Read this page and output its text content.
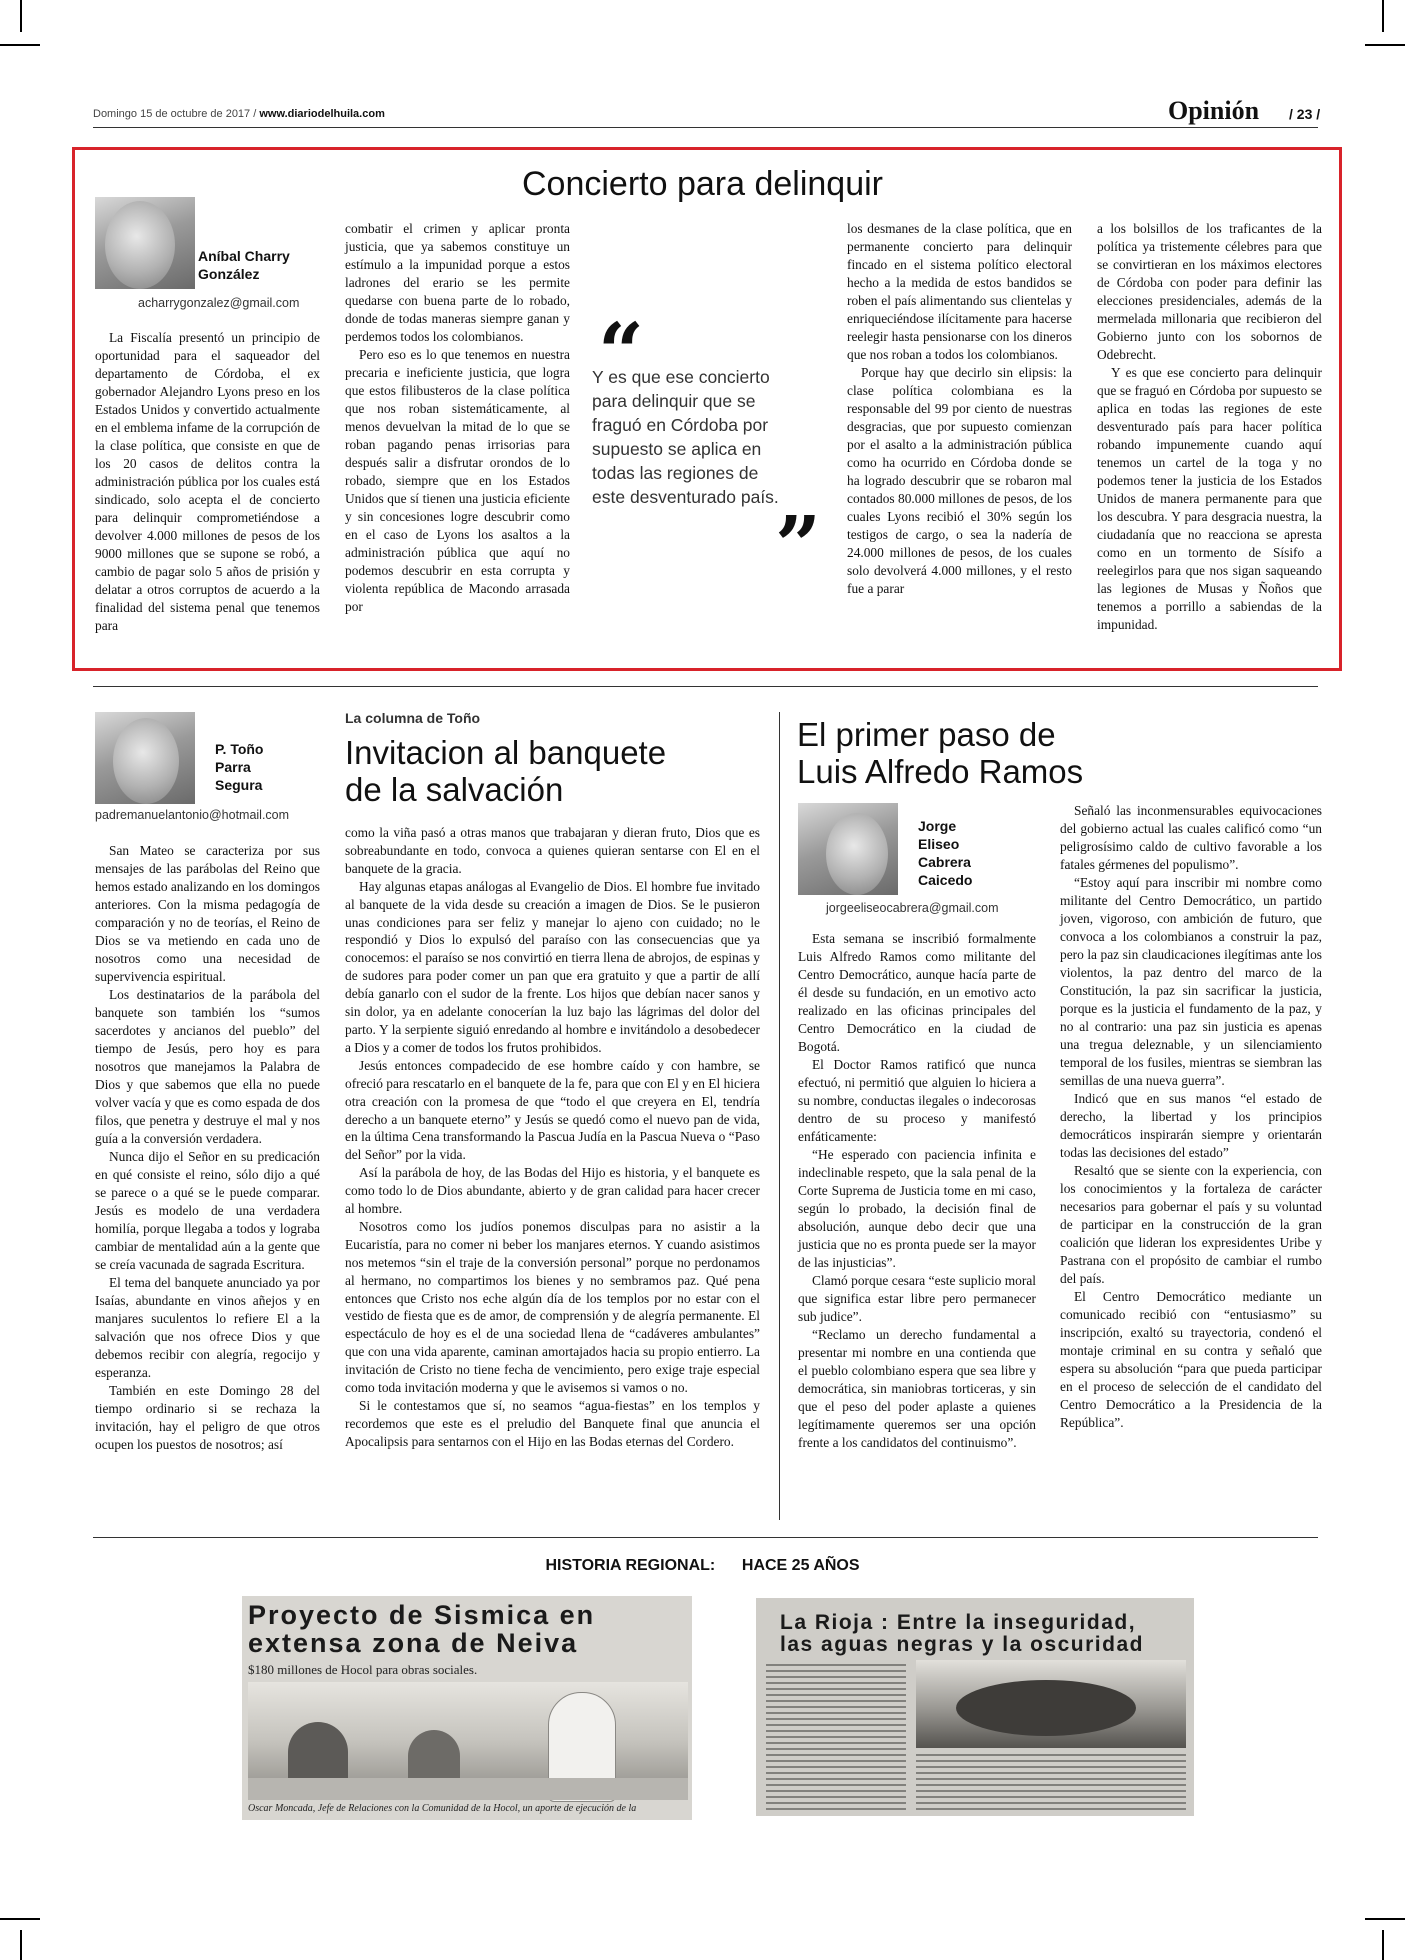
Domingo 15 de octubre de 2017 / www.diariodelhuila.com	Opinión / 23 /
Concierto para delinquir
Aníbal Charry
González
acharrygonzalez@gmail.com

La Fiscalía presentó un principio de oportunidad para el saqueador del departamento de Córdoba, el ex gobernador Alejandro Lyons preso en los Estados Unidos y convertido actualmente en el emblema infame de la corrupción de la clase política, que consiste en que de los 20 casos de delitos contra la administración pública por los cuales está sindicado, solo acepta el de concierto para delinquir comprometiéndose a devolver 4.000 millones de pesos de los 9000 millones que se supone se robó, a cambio de pagar solo 5 años de prisión y delatar a otros corruptos de acuerdo a la finalidad del sistema penal que tenemos para

combatir el crimen y aplicar pronta justicia, que ya sabemos constituye un estímulo a la impunidad porque a estos ladrones del erario se les permite quedarse con buena parte de lo robado, donde de todas maneras siempre ganan y perdemos todos los colombianos.

Pero eso es lo que tenemos en nuestra precaria e ineficiente justicia, que logra que estos filibusteros de la clase política que nos roban sistemáticamente, al menos devuelvan la mitad de lo que se roban pagando penas irrisorias para después salir a disfrutar orondos de lo robado, siempre que en los Estados Unidos que sí tienen una justicia eficiente y sin concesiones logre descubrir como en el caso de Lyons los asaltos a la administración pública que aquí no podemos descubrir en esta corrupta y violenta república de Macondo arrasada por

“
Y es que ese concierto para delinquir que se fraguó en Córdoba por supuesto se aplica en todas las regiones de este desventurado país.
”

los desmanes de la clase política, que en permanente concierto para delinquir fincado en el sistema político electoral hecho a la medida de estos bandidos se roben el país alimentando sus clientelas y enriqueciéndose ilícitamente para hacerse reelegir hasta pensionarse con los dineros que nos roban a todos los colombianos.

Porque hay que decirlo sin elipsis: la clase política colombiana es la responsable del 99 por ciento de nuestras desgracias, que por supuesto comienzan por el asalto a la administración pública como ha ocurrido en Córdoba donde se ha logrado descubrir que se robaron mal contados 80.000 millones de pesos, de los cuales Lyons recibió el 30% según los testigos de cargo, o sea la nadería de 24.000 millones de pesos, de los cuales solo devolverá 4.000 millones, y el resto fue a parar

a los bolsillos de los traficantes de la política ya tristemente célebres para que se convirtieran en los máximos electores de Córdoba con poder para definir las elecciones presidenciales, además de la mermelada millonaria que recibieron del Gobierno junto con los sobornos de Odebrecht.

Y es que ese concierto para delinquir que se fraguó en Córdoba por supuesto se aplica en todas las regiones de este desventurado país para hacer política robando impunemente cuando aquí tenemos un cartel de la toga y no podemos tener la justicia de los Estados Unidos de manera permanente para que los descubra. Y para desgracia nuestra, la ciudadanía que no reacciona se apresta como en un tormento de Sísifo a reelegirlos para que nos sigan saqueando las legiones de Musas y Ñoños que tenemos a porrillo a sabiendas de la impunidad.

P. Toño
Parra
Segura
padremanuelantonio@hotmail.com
La columna de Toño
Invitacion al banquete
de la salvación

San Mateo se caracteriza por sus mensajes de las parábolas del Reino que hemos estado analizando en los domingos anteriores. Con la misma pedagogía de comparación y no de teorías, el Reino de Dios se va metiendo en cada uno de nosotros como una necesidad de supervivencia espiritual.

Los destinatarios de la parábola del banquete son también los “sumos sacerdotes y ancianos del pueblo” del tiempo de Jesús, pero hoy es para nosotros que manejamos la Palabra de Dios y que sabemos que ella no puede volver vacía y que es como espada de dos filos, que penetra y destruye el mal y nos guía a la conversión verdadera.

Nunca dijo el Señor en su predicación en qué consiste el reino, sólo dijo a qué se parece o a qué se le puede comparar. Jesús es modelo de una verdadera homilía, porque llegaba a todos y lograba cambiar de mentalidad aún a la gente que se creía vacunada de sagrada Escritura.

El tema del banquete anunciado ya por Isaías, abundante en vinos añejos y en manjares suculentos lo refiere El a la salvación que nos ofrece Dios y que debemos recibir con alegría, regocijo y esperanza.

También en este Domingo 28 del tiempo ordinario si se rechaza la invitación, hay el peligro de que otros ocupen los puestos de nosotros; así

como la viña pasó a otras manos que trabajaran y dieran fruto, Dios que es sobreabundante en todo, convoca a quienes quieran sentarse con El en el banquete de la gracia.

Hay algunas etapas análogas al Evangelio de Dios. El hombre fue invitado al banquete de la vida desde su creación a imagen de Dios. Se le pusieron unas condiciones para ser feliz y manejar lo ajeno con cuidado; no le respondió y Dios lo expulsó del paraíso con las consecuencias que ya conocemos: el paraíso se nos convirtió en tierra llena de abrojos, de espinas y de sudores para poder comer un pan que era gratuito y que a partir de allí debía ganarlo con el sudor de la frente. Los hijos que debían nacer sanos y sin dolor, ya en adelante conocerían la luz bajo las lágrimas del dolor del parto. Y la serpiente siguió enredando al hombre e invitándolo a desobedecer a Dios y a comer de todos los frutos prohibidos.

Jesús entonces compadecido de ese hombre caído y con hambre, se ofreció para rescatarlo en el banquete de la fe, para que con El y en El hiciera otra creación con la promesa de que “todo el que creyera en El, tendría derecho a un banquete eterno” y Jesús se quedó como el nuevo pan de vida, en la última Cena transformando la Pascua Judía en la Pascua Nueva o “Paso del Señor” por la vida.

Así la parábola de hoy, de las Bodas del Hijo es historia, y el banquete es como todo lo de Dios abundante, abierto y de gran calidad para hacer crecer al hombre.

Nosotros como los judíos ponemos disculpas para no asistir a la Eucaristía, para no comer ni beber los manjares eternos. Y cuando asistimos nos metemos “sin el traje de la conversión personal” porque no perdonamos al hermano, no compartimos los bienes y no sembramos paz. Qué pena entonces que Cristo nos eche algún día de los templos por no estar con el vestido de fiesta que es de amor, de comprensión y de alegría permanente. El espectáculo de hoy es el de una sociedad llena de “cadáveres ambulantes” que con una vida aparente, caminan amortajados hacia su propio entierro. La invitación de Cristo no tiene fecha de vencimiento, pero exige traje especial como toda invitación moderna y que le avisemos si vamos o no.

Si le contestamos que sí, no seamos “agua-fiestas” en los templos y recordemos que este es el preludio del Banquete final que anuncia el Apocalipsis para sentarnos con el Hijo en las Bodas eternas del Cordero.

El primer paso de
Luis Alfredo Ramos
Jorge
Eliseo
Cabrera
Caicedo
jorgeeliseocabrera@gmail.com

Esta semana se inscribió formalmente Luis Alfredo Ramos como militante del Centro Democrático, aunque hacía parte de él desde su fundación, en un emotivo acto realizado en las oficinas principales del Centro Democrático en la ciudad de Bogotá.

El Doctor Ramos ratificó que nunca efectuó, ni permitió que alguien lo hiciera a su nombre, conductas ilegales o indecorosas dentro de su proceso y manifestó enfáticamente:

“He esperado con paciencia infinita e indeclinable respeto, que la sala penal de la Corte Suprema de Justicia tome en mi caso, según lo probado, la decisión final de absolución, aunque debo decir que una justicia que no es pronta puede ser la mayor de las injusticias”.

Clamó porque cesara “este suplicio moral que significa estar libre pero permanecer sub judice”.

“Reclamo un derecho fundamental a presentar mi nombre en una contienda que el pueblo colombiano espera que sea libre y democrática, sin maniobras torticeras, y sin que el peso del poder aplaste a quienes legítimamente queremos ser una opción frente a los candidatos del continuismo”.

Señaló las inconmensurables equivocaciones del gobierno actual las cuales calificó como “un peligrosísimo caldo de cultivo favorable a los fatales gérmenes del populismo”.

“Estoy aquí para inscribir mi nombre como militante del Centro Democrático, un partido joven, vigoroso, con ambición de futuro, que convoca a los colombianos a construir la paz, pero la paz sin claudicaciones ilegítimas ante los violentos, la paz dentro del marco de la Constitución, la paz sin sacrificar la justicia, porque es la justicia el fundamento de la paz, y no al contrario: una paz sin justicia es apenas una tregua deleznable, y un silenciamiento temporal de los fusiles, mientras se siembran las semillas de una nueva guerra”.

Indicó que en sus manos “el estado de derecho, la libertad y los principios democráticos inspirarán siempre y orientarán todas las decisiones del estado”

Resaltó que se siente con la experiencia, con los conocimientos y la fortaleza de carácter necesarios para gobernar el país y su voluntad de participar en la construcción de la gran coalición que lideran los expresidentes Uribe y Pastrana con el propósito de cambiar el rumbo del país.

El Centro Democrático mediante un comunicado recibió con “entusiasmo” su inscripción, exaltó su trayectoria, condenó el montaje criminal en su contra y señaló que espera su absolución “para que pueda participar en el proceso de selección de el candidato del Centro Democrático a la Presidencia de la República”.

HISTORIA REGIONAL:      HACE 25 AÑOS
Proyecto de Sismica en
extensa zona de Neiva
$180 millones de Hocol para obras sociales.
Oscar Moncada, Jefe de Relaciones con la Comunidad de la Hocol, un aporte de ejecución de la
La Rioja : Entre la inseguridad,
las aguas negras y la oscuridad
